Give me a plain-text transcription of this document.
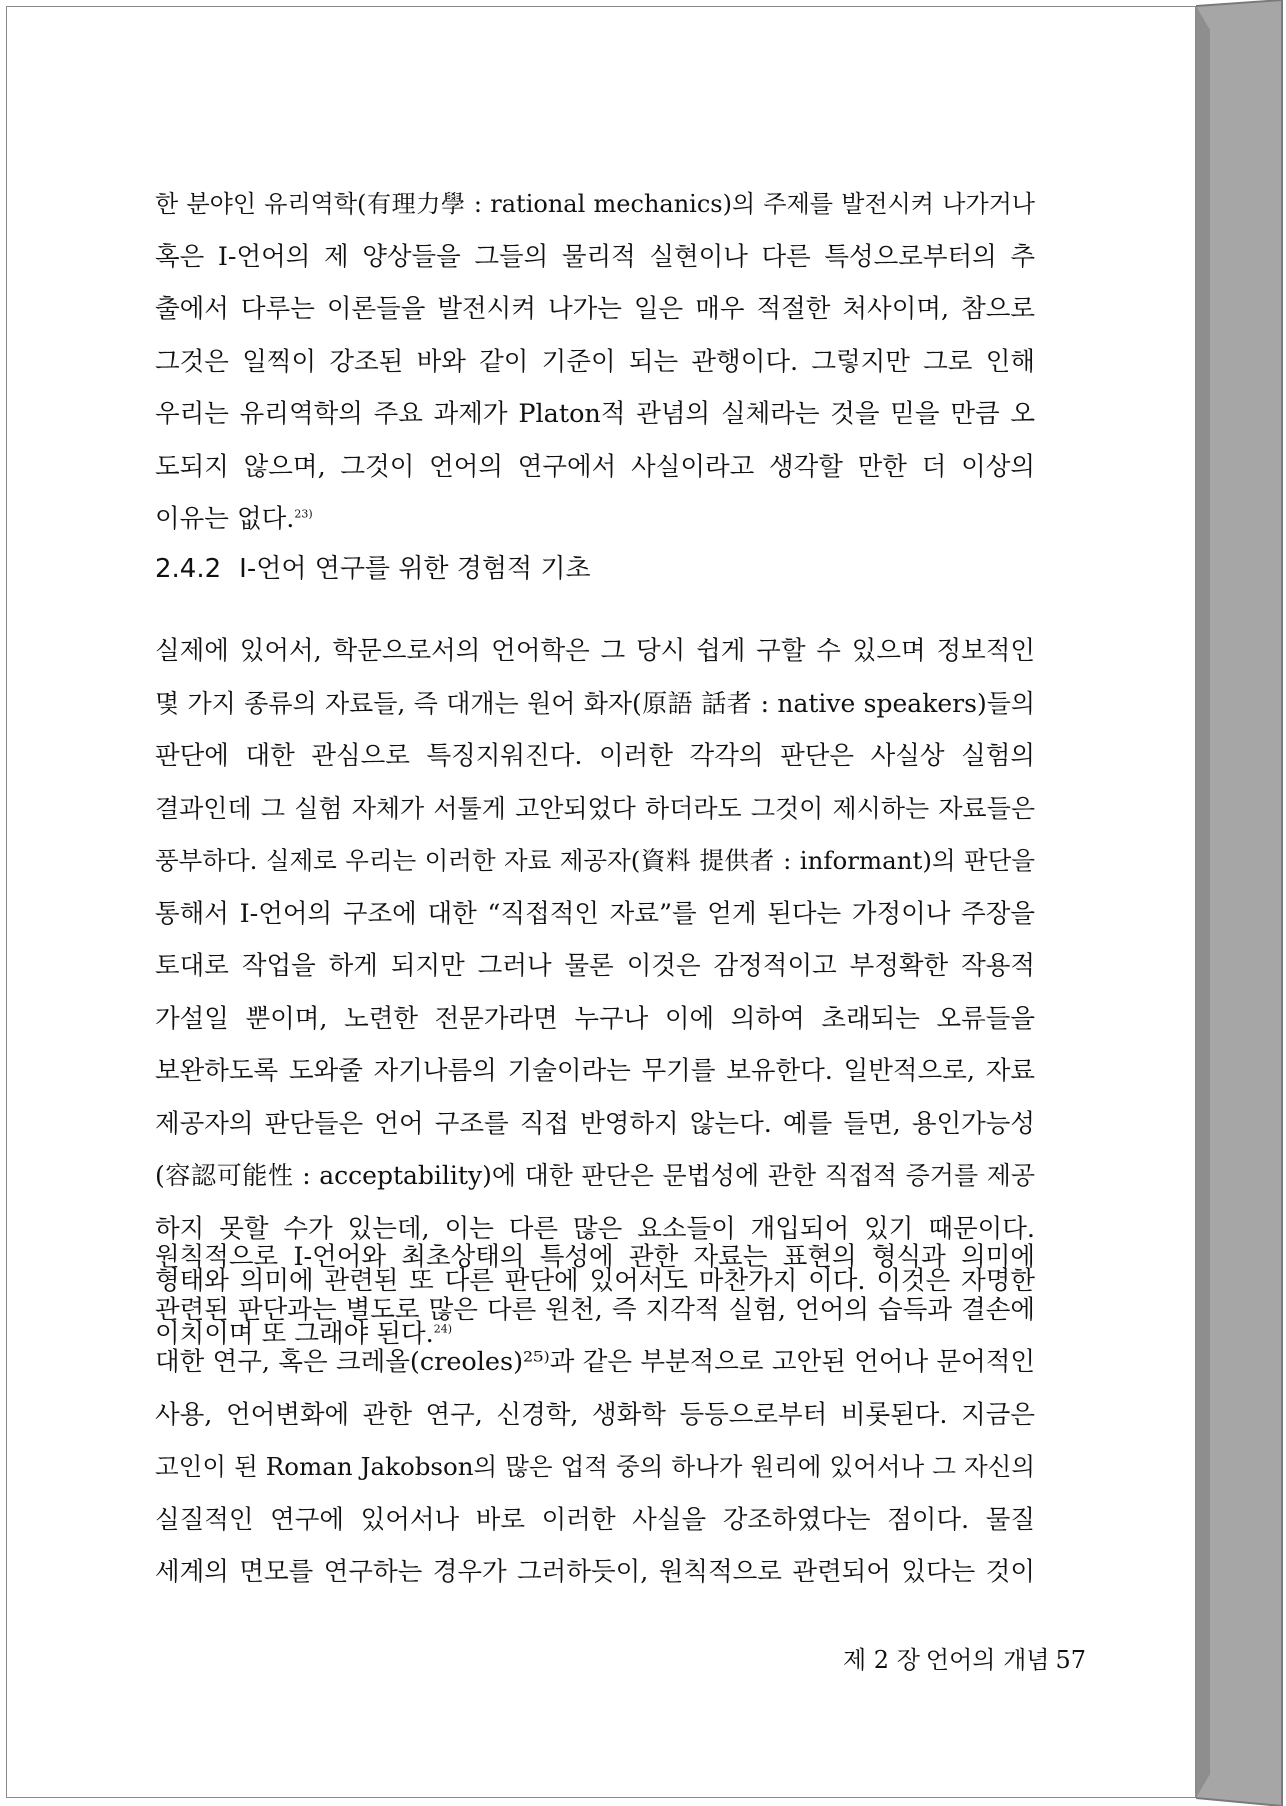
한 분야인 유리역학(有理力學 : rational mechanics)의 주제를 발전시켜 나가거나
혹은 I-언어의 제 양상들을 그들의 물리적 실현이나 다른 특성으로부터의 추
출에서 다루는 이론들을 발전시켜 나가는 일은 매우 적절한 처사이며, 참으로
그것은 일찍이 강조된 바와 같이 기준이 되는 관행이다. 그렇지만 그로 인해
우리는 유리역학의 주요 과제가 Platon적 관념의 실체라는 것을 믿을 만큼 오
도되지 않으며, 그것이 언어의 연구에서 사실이라고 생각할 만한 더 이상의
이유는 없다.$^{23)}$
2.4.2 I-언어 연구를 위한 경험적 기초
실제에 있어서, 학문으로서의 언어학은 그 당시 쉽게 구할 수 있으며 정보적인
몇 가지 종류의 자료들, 즉 대개는 원어 화자(原語 話者 : native speakers)들의
판단에 대한 관심으로 특징지워진다. 이러한 각각의 판단은 사실상 실험의
결과인데 그 실험 자체가 서툴게 고안되었다 하더라도 그것이 제시하는 자료들은
풍부하다. 실제로 우리는 이러한 자료 제공자(資料 提供者 : informant)의 판단을
통해서 I-언어의 구조에 대한 “직접적인 자료”를 얻게 된다는 가정이나 주장을
토대로 작업을 하게 되지만 그러나 물론 이것은 감정적이고 부정확한 작용적
가설일 뿐이며, 노련한 전문가라면 누구나 이에 의하여 초래되는 오류들을
보완하도록 도와줄 자기나름의 기술이라는 무기를 보유한다. 일반적으로, 자료
제공자의 판단들은 언어 구조를 직접 반영하지 않는다. 예를 들면, 용인가능성
(容認可能性 : acceptability)에 대한 판단은 문법성에 관한 직접적 증거를 제공
하지 못할 수가 있는데, 이는 다른 많은 요소들이 개입되어 있기 때문이다.
형태와 의미에 관련된 또 다른 판단에 있어서도 마찬가지 이다. 이것은 자명한
이치이며 또 그래야 된다.$^{24)}$
원칙적으로 I-언어와 최초상태의 특성에 관한 자료는 표현의 형식과 의미에
관련된 판단과는 별도로 많은 다른 원천, 즉 지각적 실험, 언어의 습득과 결손에
대한 연구, 혹은 크레올(creoles)²⁵⁾과 같은 부분적으로 고안된 언어나 문어적인
사용, 언어변화에 관한 연구, 신경학, 생화학 등등으로부터 비롯된다. 지금은
고인이 된 Roman Jakobson의 많은 업적 중의 하나가 원리에 있어서나 그 자신의
실질적인 연구에 있어서나 바로 이러한 사실을 강조하였다는 점이다. 물질
세계의 면모를 연구하는 경우가 그러하듯이, 원칙적으로 관련되어 있다는 것이
제 2 장 언어의 개념 57
